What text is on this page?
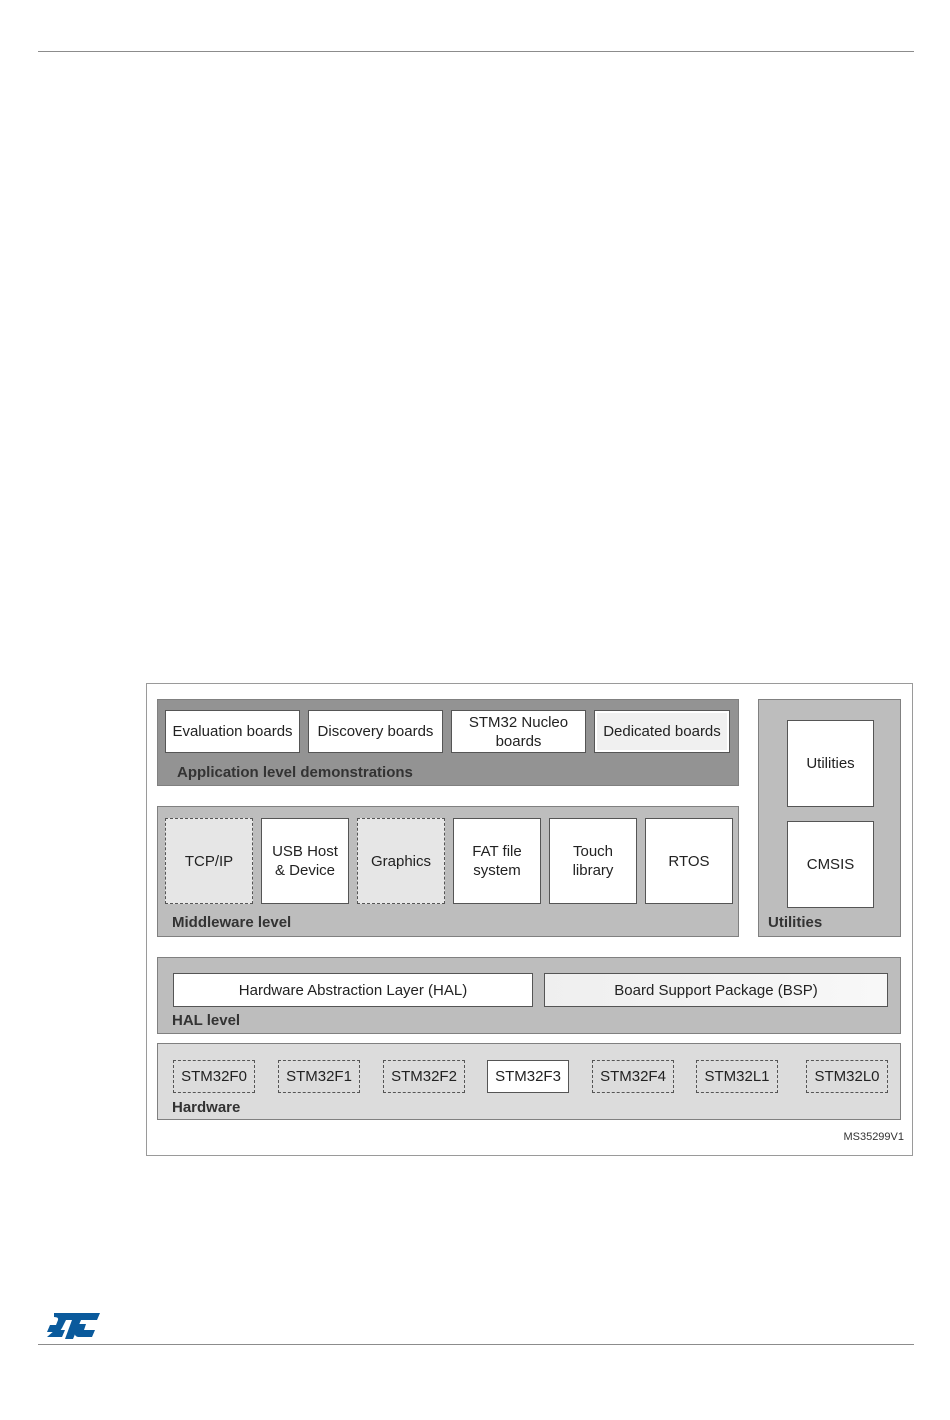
Evaluation boards Discovery boards
STM32 Nucleo
boards
Dedicated boards
Application level demonstrations
TCP/IP
USB Host
& Device
Graphics
FAT file
system
Touch
library
RTOS
Middleware level
Utilities
CMSIS
Utilities
Hardware Abstraction Layer (HAL)	Board Support Package (BSP)
HAL level
STM32F0	STM32F1	STM32F2	STM32F3	STM32F4	STM32L1	STM32L0
Hardware
MS35299V1
